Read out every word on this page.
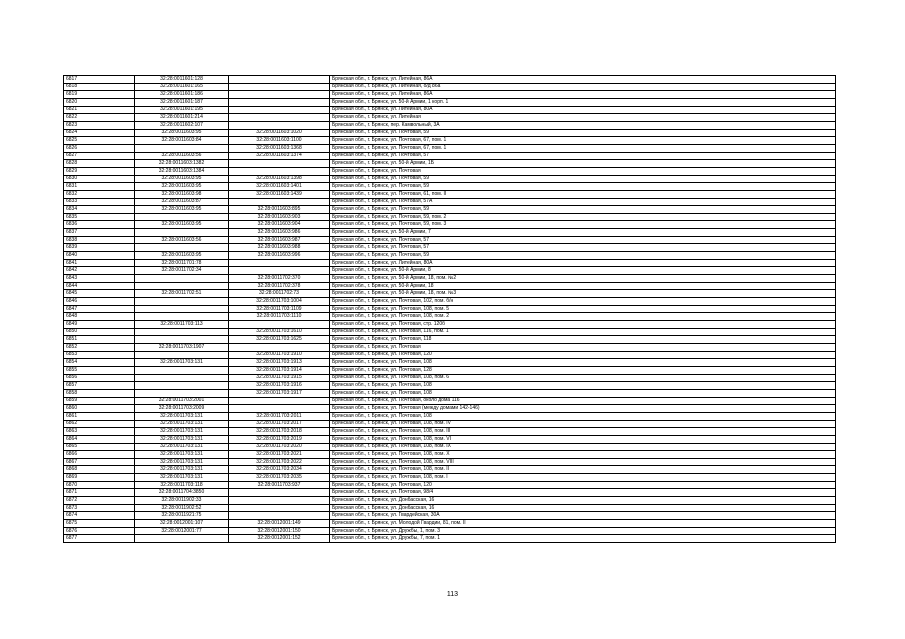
6817	32:28:0011601:128		Брянская обл., г. Брянск, ул. Литейная, 86А
6818	32:28:0011601:165		Брянская обл., г. Брянск, ул. Литейная, о/д 86а
6819	32:28:0011601:186		Брянская обл., г. Брянск, ул. Литейная, 86А
6820	32:28:0011601:187		Брянская обл., г. Брянск, ул. 50-й Армии, 1 корп. 1
6821	32:28:0011601:195		Брянская обл., г. Брянск, ул. Литейная, 80А
6822	32:28:0011601:214		Брянская обл., г. Брянск, ул. Литейная
6823	32:28:0011602:107		Брянская обл., г. Брянск, пер. Камвольный, 3А
6824	32:28:0011603:95	32:28:0011603:1020	Брянская обл., г. Брянск, ул. Почтовая, 59
6825	32:28:0011603:84	32:28:0011603:1100	Брянская обл., г. Брянск, ул. Почтовая, 67, пом. 1
6826		32:28:0011603:1368	Брянская обл., г. Брянск, ул. Почтовая, 67, пом. 1
6827	32:28:0011603:56	32:28:0011603:1374	Брянская обл., г. Брянск, ул. Почтовая, 57
6828	32:28:0011603:1382		Брянская обл., г. Брянск, ул. 50-й Армии, 1Б
6829	32:28:0011603:1384		Брянская обл., г. Брянск, ул. Почтовая
6830	32:28:0011603:95	32:28:0011603:1398	Брянская обл., г. Брянск, ул. Почтовая, 59
6831	32:28:0011603:95	32:28:0011603:1401	Брянская обл., г. Брянск, ул. Почтовая, 59
6832	32:28:0011603:98	32:28:0011603:1439	Брянская обл., г. Брянск, ул. Почтовая, 61, пом. II
6833	32:28:0011603:87		Брянская обл., г. Брянск, ул. Почтовая, 57А
6834	32:28:0011603:95	32:28:0011603:895	Брянская обл., г. Брянск, ул. Почтовая, 59
6835		32:28:0011603:903	Брянская обл., г. Брянск, ул. Почтовая, 59, пом. 2
6836	32:28:0011603:95	32:28:0011603:904	Брянская обл., г. Брянск, ул. Почтовая, 59, пом. 3
6837		32:28:0011603:986	Брянская обл., г. Брянск, ул. 50-й Армии, 7
6838	32:28:0011603:56	32:28:0011603:987	Брянская обл., г. Брянск, ул. Почтовая, 57
6839		32:28:0011603:988	Брянская обл., г. Брянск, ул. Почтовая, 57
6840	32:28:0011603:95	32:28:0011603:996	Брянская обл., г. Брянск, ул. Почтовая, 59
6841	32:28:0011701:78		Брянская обл., г. Брянск, ул. Литейная, 80А
6842	32:28:0011702:34		Брянская обл., г. Брянск, ул. 50-й Армии, 8
6843		32:28:0011702:370	Брянская обл., г. Брянск, ул. 50-й Армии, 18, пом. №2
6844		32:28:0011702:378	Брянская обл., г. Брянск, ул. 50-й Армии, 18
6845	32:28:0011702:51	32:28:0011702:73	Брянская обл., г. Брянск, ул. 50-й Армии, 18, пом. №3
6846		32:28:0011703:1004	Брянская обл., г. Брянск, ул. Почтовая, 102, пом. б/н
6847		32:28:0011703:1109	Брянская обл., г. Брянск, ул. Почтовая, 108, пом. 5
6848		32:28:0011703:1110	Брянская обл., г. Брянск, ул. Почтовая, 108, пом. 2
6849	32:28:0011703:113		Брянская обл., г. Брянск, ул. Почтовая, стр. 120б
6850		32:28:0011703:1610	Брянская обл., г. Брянск, ул. Почтовая, 116, пом. 1
6851		32:28:0011703:1625	Брянская обл., г. Брянск, ул. Почтовая, 118
6852	32:28:0011703:1907		Брянская обл., г. Брянск, ул. Почтовая
6853		32:28:0011703:1910	Брянская обл., г. Брянск, ул. Почтовая, 120
6854	32:28:0011703:131	32:28:0011703:1913	Брянская обл., г. Брянск, ул. Почтовая, 108
6855		32:28:0011703:1914	Брянская обл., г. Брянск, ул. Почтовая, 128
6856		32:28:0011703:1915	Брянская обл., г. Брянск, ул. Почтовая, 108, пом. 6
6857		32:28:0011703:1916	Брянская обл., г. Брянск, ул. Почтовая, 108
6858		32:28:0011703:1917	Брянская обл., г. Брянск, ул. Почтовая, 108
6859	32:28:0011703:2001		Брянская обл., г. Брянск, ул. Почтовая, около дома 116
6860	32:28:0011703:2009		Брянская обл., г. Брянск, ул. Почтовая (между домами 142-146)
6861	32:28:0011703:131	32:28:0011703:2011	Брянская обл., г. Брянск, ул. Почтовая, 108
6862	32:28:0011703:131	32:28:0011703:2017	Брянская обл., г. Брянск, ул. Почтовая, 108, пом. IV
6863	32:28:0011703:131	32:28:0011703:2018	Брянская обл., г. Брянск, ул. Почтовая, 108, пом. III
6864	32:28:0011703:131	32:28:0011703:2019	Брянская обл., г. Брянск, ул. Почтовая, 108, пом. VI
6865	32:28:0011703:131	32:28:0011703:2020	Брянская обл., г. Брянск, ул. Почтовая, 108, пом. IX
6866	32:28:0011703:131	32:28:0011703:2021	Брянская обл., г. Брянск, ул. Почтовая, 108, пом. X
6867	32:28:0011703:131	32:28:0011703:2022	Брянская обл., г. Брянск, ул. Почтовая, 108, пом. VIII
6868	32:28:0011703:131	32:28:0011703:2034	Брянская обл., г. Брянск, ул. Почтовая, 108, пом. II
6869	32:28:0011703:131	32:28:0011703:2035	Брянская обл., г. Брянск, ул. Почтовая, 108, пом. I
6870	32:28:0011703:118	32:28:0011703:937	Брянская обл., г. Брянск, ул. Почтовая, 120
6871	32:28:0011704:3850		Брянская обл., г. Брянск, ул. Почтовая, 98/4
6872	32:28:0011902:33		Брянская обл., г. Брянск, ул. Донбасская, 16
6873	32:28:0011902:52		Брянская обл., г. Брянск, ул. Донбасская, 16
6874	32:28:0011921:75		Брянская обл., г. Брянск, ул. Гвардейская, 30А
6875	32:28:0012001:107	32:28:0012001:149	Брянская обл., г. Брянск, ул. Молодой Гвардии, 81, пом. II
6876	32:28:0012001:77	32:28:0012001:150	Брянская обл., г. Брянск, ул. Дружбы, 1, пом. 3
6877		32:28:0012001:152	Брянская обл., г. Брянск, ул. Дружбы, 7, пом. 1
113
